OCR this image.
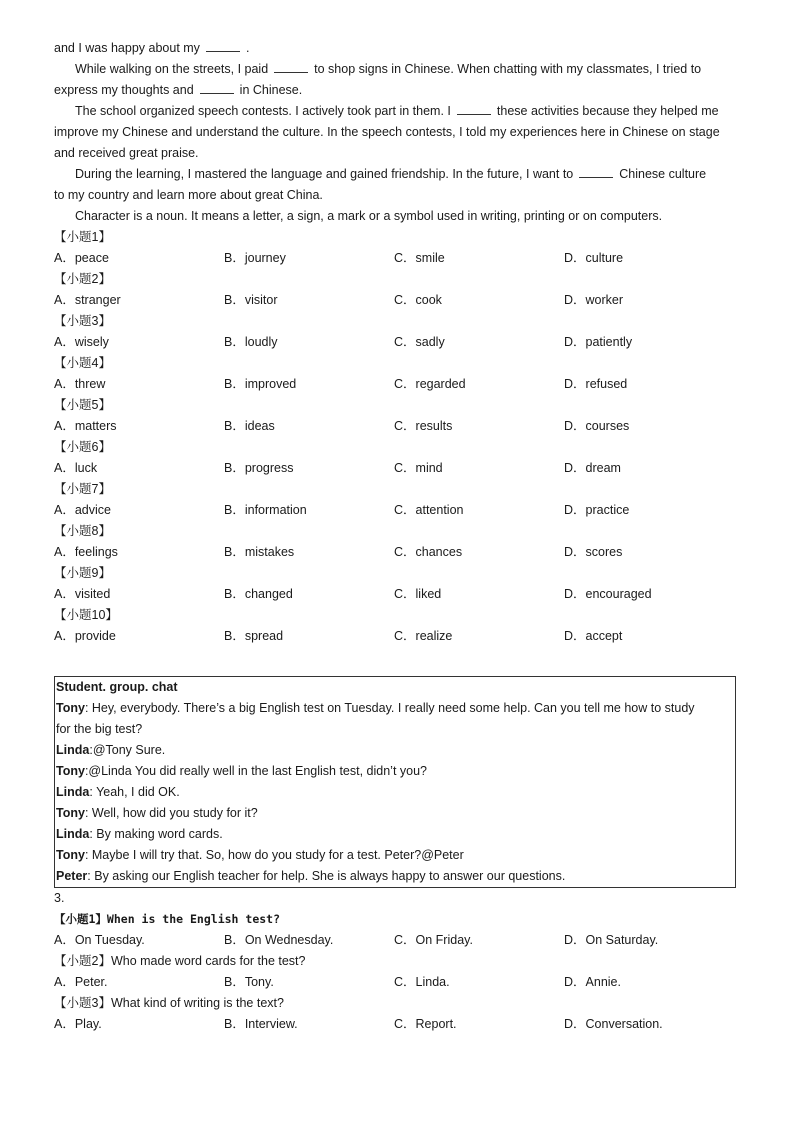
and I was happy about my	.
While walking on the streets, I paid	to shop signs in Chinese. When chatting with my classmates, I tried to
express my thoughts and	in Chinese.
The school organized speech contests. I actively took part in them. I	these activities because they helped me
improve my Chinese and understand the culture. In the speech contests, I told my experiences here in Chinese on stage
and received great praise.
During the learning, I mastered the language and gained friendship. In the future, I want to	Chinese culture
to my country and learn more about great China.
Character is a noun. It means a letter, a sign, a mark or a symbol used in writing, printing or on computers.
【小题1】
A．peace	B．journey	C．smile	D．culture
【小题2】
A．stranger	B．visitor	C．cook	D．worker
【小题3】
A．wisely	B．loudly	C．sadly	D．patiently
【小题4】
A．threw	B．improved	C．regarded	D．refused
【小题5】
A．matters	B．ideas	C．results	D．courses
【小题6】
A．luck	B．progress	C．mind	D．dream
【小题7】
A．advice	B．information	C．attention	D．practice
【小题8】
A．feelings	B．mistakes	C．chances	D．scores
【小题9】
A．visited	B．changed	C．liked	D．encouraged
【小题10】
A．provide	B．spread	C．realize	D．accept
Student. group. chat
Tony: Hey, everybody. There’s a big English test on Tuesday. I really need some help. Can you tell me how to study
for the big test?
Linda:@Tony Sure.
Tony:@Linda You did really well in the last English test, didn’t you?
Linda: Yeah, I did OK.
Tony: Well, how did you study for it?
Linda: By making word cards.
Tony: Maybe I will try that. So, how do you study for a test. Peter?@Peter
Peter: By asking our English teacher for help. She is always happy to answer our questions.
3.
【小题1】When is the English test?
A．On Tuesday.	B．On Wednesday.	C．On Friday.	D．On Saturday.
【小题2】Who made word cards for the test?
A．Peter.	B．Tony.	C．Linda.	D．Annie.
【小题3】What kind of writing is the text?
A．Play.	B．Interview.	C．Report.	D．Conversation.
